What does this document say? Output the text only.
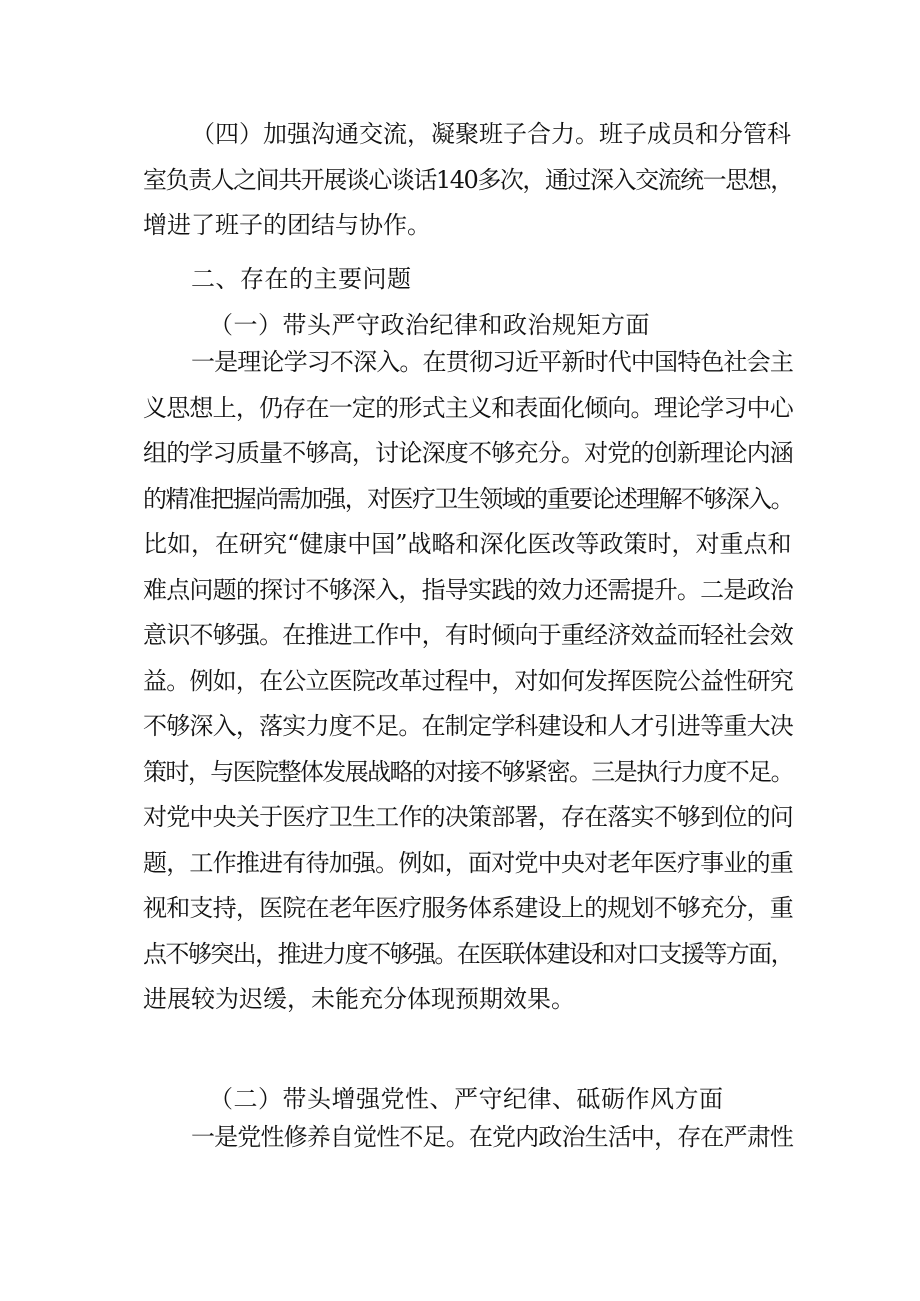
（四）加强沟通交流，凝聚班子合力。班子成员和分管科
室负责人之间共开展谈心谈话140多次，通过深入交流统一思想，
增进了班子的团结与协作。
二、存在的主要问题
（一）带头严守政治纪律和政治规矩方面
一是理论学习不深入。在贯彻习近平新时代中国特色社会主
义思想上，仍存在一定的形式主义和表面化倾向。理论学习中心
组的学习质量不够高，讨论深度不够充分。对党的创新理论内涵
的精准把握尚需加强，对医疗卫生领域的重要论述理解不够深入。
比如，在研究“健康中国”战略和深化医改等政策时，对重点和
难点问题的探讨不够深入，指导实践的效力还需提升。二是政治
意识不够强。在推进工作中，有时倾向于重经济效益而轻社会效
益。例如，在公立医院改革过程中，对如何发挥医院公益性研究
不够深入，落实力度不足。在制定学科建设和人才引进等重大决
策时，与医院整体发展战略的对接不够紧密。三是执行力度不足。
对党中央关于医疗卫生工作的决策部署，存在落实不够到位的问
题，工作推进有待加强。例如，面对党中央对老年医疗事业的重
视和支持，医院在老年医疗服务体系建设上的规划不够充分，重
点不够突出，推进力度不够强。在医联体建设和对口支援等方面，
进展较为迟缓，未能充分体现预期效果。
（二）带头增强党性、严守纪律、砥砺作风方面
一是党性修养自觉性不足。在党内政治生活中，存在严肃性
